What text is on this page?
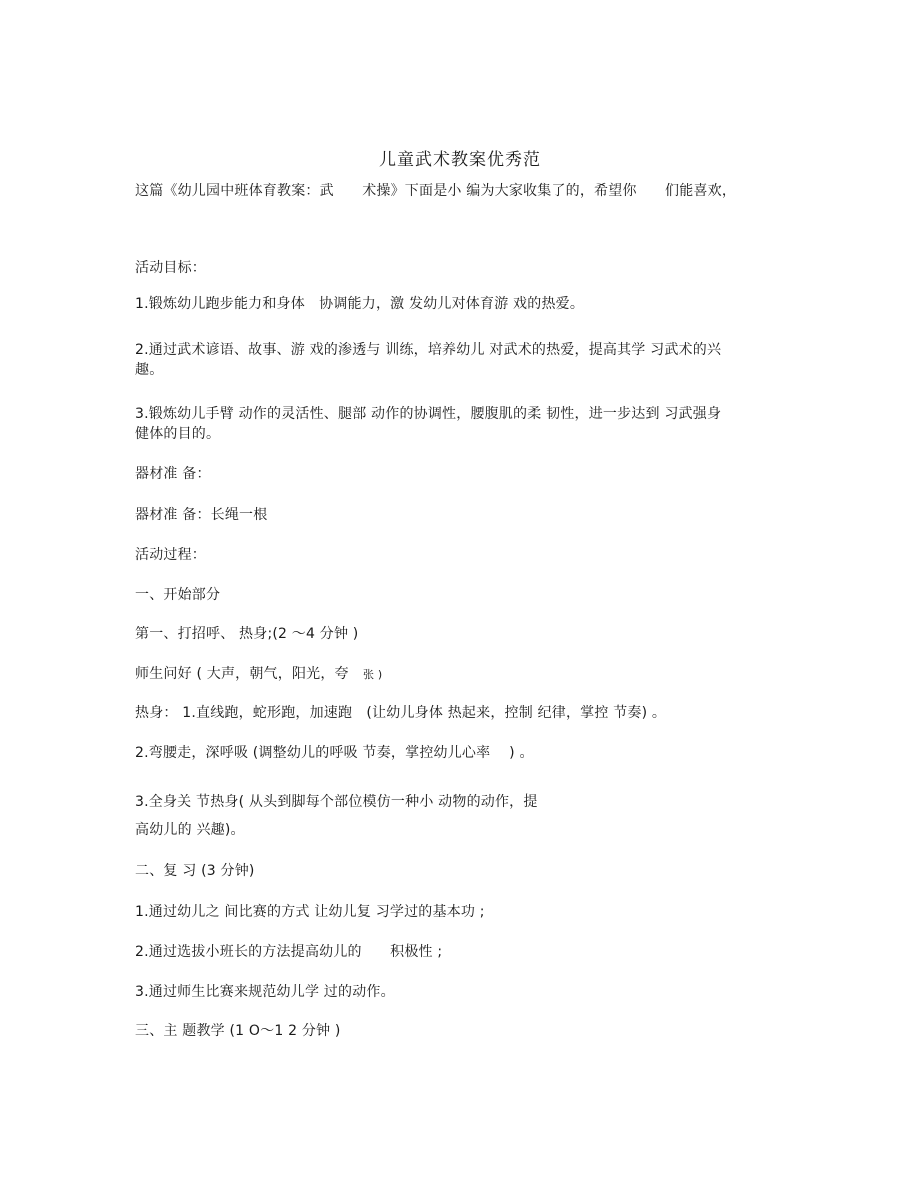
儿童武术教案优秀范

这篇《幼儿园中班体育教案：武　　术操》下面是小 编为大家收集了的，希望你　　们能喜欢，

活动目标：

1.锻炼幼儿跑步能力和身体　协调能力，激 发幼儿对体育游 戏的热爱。

2.通过武术谚语、故事、游 戏的渗透与 训练，培养幼儿 对武术的热爱，提高其学 习武术的兴

趣。

3.锻炼幼儿手臂 动作的灵活性、腿部 动作的协调性，腰腹肌的柔 韧性，进一步达到 习武强身

健体的目的。

器材准 备：

器材准 备：长绳一根

活动过程：

一、开始部分

第一、打招呼、 热身;(2 ～4 分钟 )

师生问好 ( 大声，朝气，阳光，夸　张 )

热身： 1.直线跑，蛇形跑，加速跑　(让幼儿身体 热起来，控制 纪律，掌控 节奏) 。

2.弯腰走，深呼吸 (调整幼儿的呼吸 节奏，掌控幼儿心率　 ) 。

3.全身关 节热身( 从头到脚每个部位模仿一种小 动物的动作，提

高幼儿的 兴趣)。

二、复 习 (3 分钟)

1.通过幼儿之 间比赛的方式 让幼儿复 习学过的基本功 ;

2.通过选拔小班长的方法提高幼儿的　　积极性 ;

3.通过师生比赛来规范幼儿学 过的动作。

三、主 题教学 (1 O～1 2 分钟 )
